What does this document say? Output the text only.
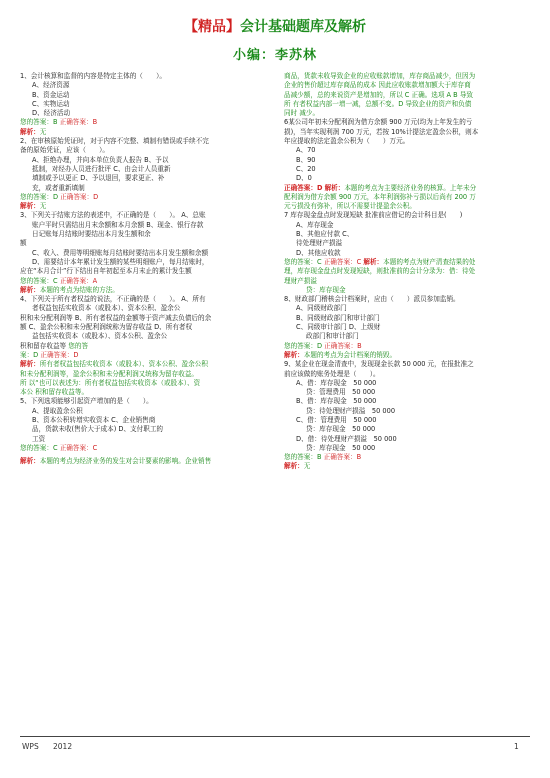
【精品】会计基础题库及解析
小编：李苏林
1、会计核算和监督的内容是特定主体的（　　）。
A、经济资源
B、资金运动
C、实物运动
D、经济活动
您的答案：B 正确答案：B
解析：无
2、在审核原始凭证时，对于内容不完整、填制有错误或手续不完
备的原始凭证，应该（　　）。
A、拒绝办理，并向本单位负责人报告 B、予以
抵制，对经办人员进行批评 C、由会计人员重新
填制或予以更正 D、予以退回，要求更正、补
充，或者重新填制
您的答案：D 正确答案：D
解析：无
3、下列关于结账方法的表述中，不正确的是（　　）。 A、总账
账户平时只需结出月末余额和本月余额 B、现金、银行存款
日记账每月结账时要结出本月发生额和余
额
C、收入、费用等明细账每月结账时要结出本月发生额和余额
D、需要结计本年累计发生额的某些明细账户，每月结账时，
应在“本月合计”行下结出自年初起至本月末止的累计发生额
您的答案：C 正确答案：A
解析：本题的考点为结账的方法。
4、下列关于所有者权益的说法，不正确的是（　　）。 A、所有
者权益包括实收资本（或股本）、资本公积、盈余公
积和未分配利润等 B、所有者权益的金额等于资产减去负债后的余
额 C、盈余公积和未分配利润统称为留存收益 D、所有者权
益包括实收资本（或股本）、资本公积、盈余公
积和留存收益等 您的答
案：D 正确答案：D
解析：所有者权益包括实收资本（或股本）、资本公积、盈余公积
和未分配利润等，盈余公积和未分配利润又统称为留存收益。
所 以“也可以表述为：所有者权益包括实收资本（或股本）、资
本公 积和留存收益等。
5、下列选项能够引起资产增加的是（　　）。
A、提取盈余公积
B、资本公积转增实收资本 C、企业销售商
品，货款未收(售价大于成本) D、支付职工的
工资
您的答案：C 正确答案：C
解析：本题的考点为经济业务的发生对会计要素的影响。企业销售
商品，货款未收导致企业的应收账款增加，库存商品减少，但因为
企业的售价超过库存商品的成本 因此应收账款增加额大于库存商
品减少额，总的来说资产是增加的，所以 C 正确。选项 A B 导致
所 有者权益内部一增一减，总额不变。D 导致企业的资产和负债
同时 减少。
6某公司年初未分配利润为借方余额 900 万元(均为上年发生的亏
损)，当年实现利润 700 万元，若按 10%计提法定盈余公积，则本
年应提取的法定盈余公积为（　　）万元。
A、70
B、90
C、20
D、0
正确答案：D 解析：本题的考点为主要经济业务的核算。上年未分
配利润为借方余额 900 万元，本年利润弥补亏损以后尚有 200 万
元亏损没有弥补，所以不需要计提盈余公积。
7 库存现金盘点时发现短缺 批准前应借记的会计科目是(　　)
A、库存现金
B、其他应付款 C、
待处理财产损溢
D、其他应收款
您的答案：C 正确答案：C 解析：本题的考点为财产清查结果的处
理，库存现金盘点时发现短缺，则批准前的会计分录为：借：待处
理财产损溢
贷：库存现金
8、财政部门稽核会计档案时，应由（　　）派员参加监销。
A、同级财政部门
B、同级财政部门和审计部门
C、同级审计部门 D、上级财
政部门和审计部门
您的答案：D 正确答案：B
解析：本题的考点为会计档案的销毁。
9、某企业在现金清查中，发现现金长款 50 000 元，在报批准之
前应该做的账务处理是（　　）。
A、借：库存现金　50 000
贷：管理费用　50 000
B、借：库存现金　50 000
贷：待处理财产损溢　50 000
C、借：管理费用　50 000
贷：库存现金　50 000
D、借：待处理财产损溢　50 000
贷：库存现金　50 000
您的答案：B 正确答案：B
解析：无
WPS 2012	1
